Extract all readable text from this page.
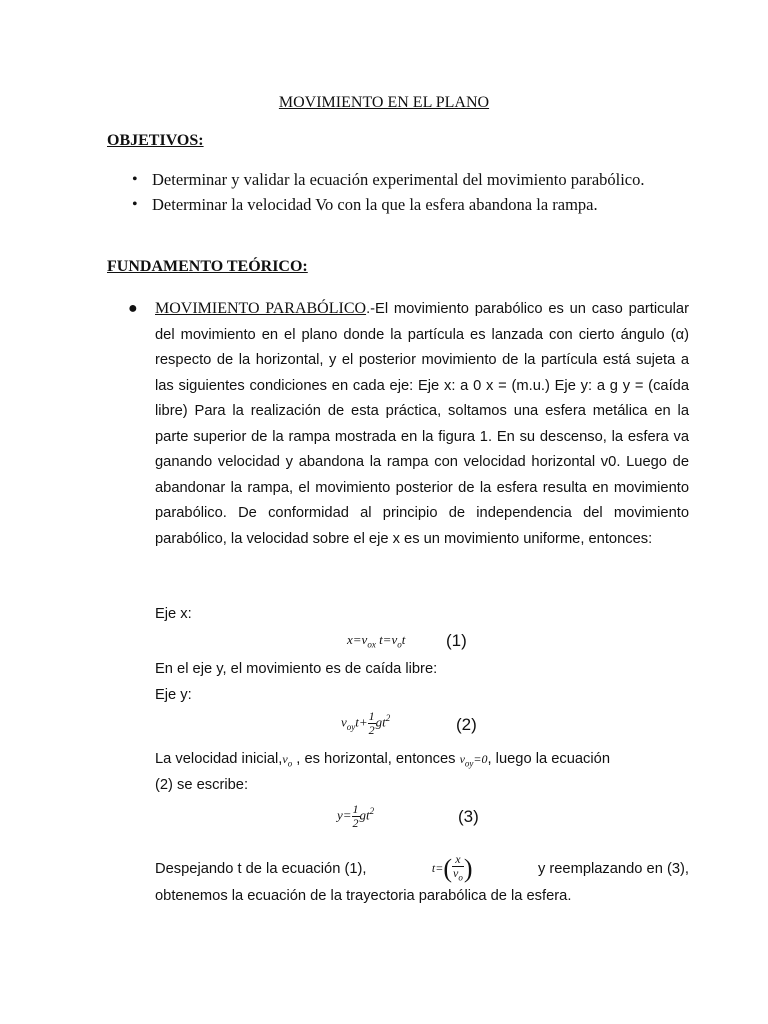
MOVIMIENTO EN EL PLANO
OBJETIVOS:
• Determinar y validar la ecuación experimental del movimiento parabólico.
• Determinar la velocidad Vo con la que la esfera abandona la rampa.
FUNDAMENTO TEÓRICO:
● MOVIMIENTO PARABÓLICO.-El movimiento parabólico es un caso particular del movimiento en el plano donde la partícula es lanzada con cierto ángulo (α) respecto de la horizontal, y el posterior movimiento de la partícula está sujeta a las siguientes condiciones en cada eje: Eje x: a 0 x = (m.u.) Eje y: a g y = (caída libre) Para la realización de esta práctica, soltamos una esfera metálica en la parte superior de la rampa mostrada en la figura 1. En su descenso, la esfera va ganando velocidad y abandona la rampa con velocidad horizontal v0. Luego de abandonar la rampa, el movimiento posterior de la esfera resulta en movimiento parabólico. De conformidad al principio de independencia del movimiento parabólico, la velocidad sobre el eje x es un movimiento uniforme, entonces:
Eje x:
$x=v_{ox}$ $t=v_ot$ (1)
En el eje y, el movimiento es de caída libre:
Eje y:
$v_{oy}t+ \frac{1}{2} gt^2$	(2)
La velocidad $inicial,v_o$ , es horizontal, entonces $v_{oy}=0$, luego la ecuación
(2) se escribe:
$y= \frac{1}{2} gt^2$	(3)
Despejando t de la ecuación (1),	t= ( $\frac{x}{v_o}$ )	y reemplazando en (3),
obtenemos la ecuación de la trayectoria parabólica de la esfera.
